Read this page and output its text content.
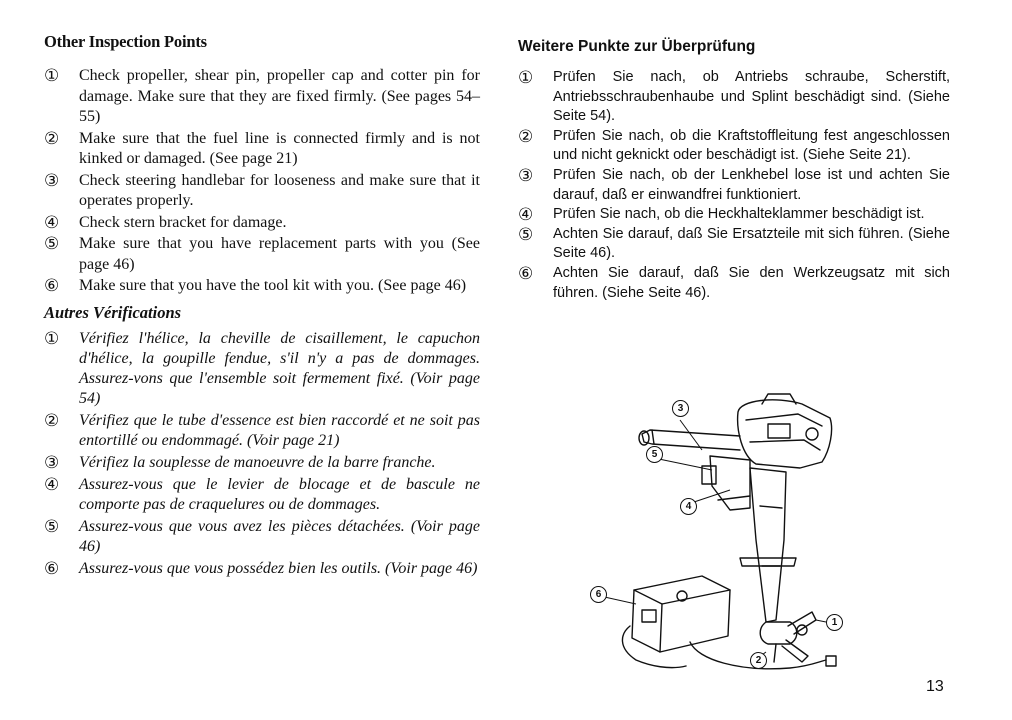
Other Inspection Points
①	Check propeller, shear pin, propeller cap and cotter pin for damage. Make sure that they are fixed firmly. (See pages 54–55)
②	Make sure that the fuel line is connected firmly and is not kinked or damaged. (See page 21)
③	Check steering handlebar for looseness and make sure that it operates properly.
④	Check stern bracket for damage.
⑤	Make sure that you have replacement parts with you (See page 46)
⑥	Make sure that you have the tool kit with you. (See page 46)
Autres Vérifications
①	Vérifiez l'hélice, la cheville de cisaillement, le capuchon d'hélice, la goupille fendue, s'il n'y a pas de dommages. Assurez-vons que l'ensemble soit fermement fixé. (Voir page 54)
②	Vérifiez que le tube d'essence est bien raccordé et ne soit pas entortillé ou endommagé. (Voir page 21)
③	Vérifiez la souplesse de manoeuvre de la barre franche.
④	Assurez-vous que le levier de blocage et de bascule ne comporte pas de craquelures ou de dommages.
⑤	Assurez-vous que vous avez les pièces détachées. (Voir page 46)
⑥	Assurez-vous que vous possédez bien les outils. (Voir page 46)
Weitere Punkte zur Überprüfung
①	Prüfen Sie nach, ob Antriebs schraube, Scherstift, Antriebsschraubenhaube und Splint beschädigt sind. (Siehe Seite 54).
②	Prüfen Sie nach, ob die Kraftstoffleitung fest angeschlossen und nicht geknickt oder beschädigt ist. (Siehe Seite 21).
③	Prüfen Sie nach, ob der Lenkhebel lose ist und achten Sie darauf, daß er einwandfrei funktioniert.
④	Prüfen Sie nach, ob die Heckhalteklammer beschädigt ist.
⑤	Achten Sie darauf, daß Sie Ersatzteile mit sich führen. (Siehe Seite 46).
⑥	Achten Sie darauf, daß Sie den Werkzeugsatz mit sich führen. (Siehe Seite 46).
3
5
4
6
2
1
13
